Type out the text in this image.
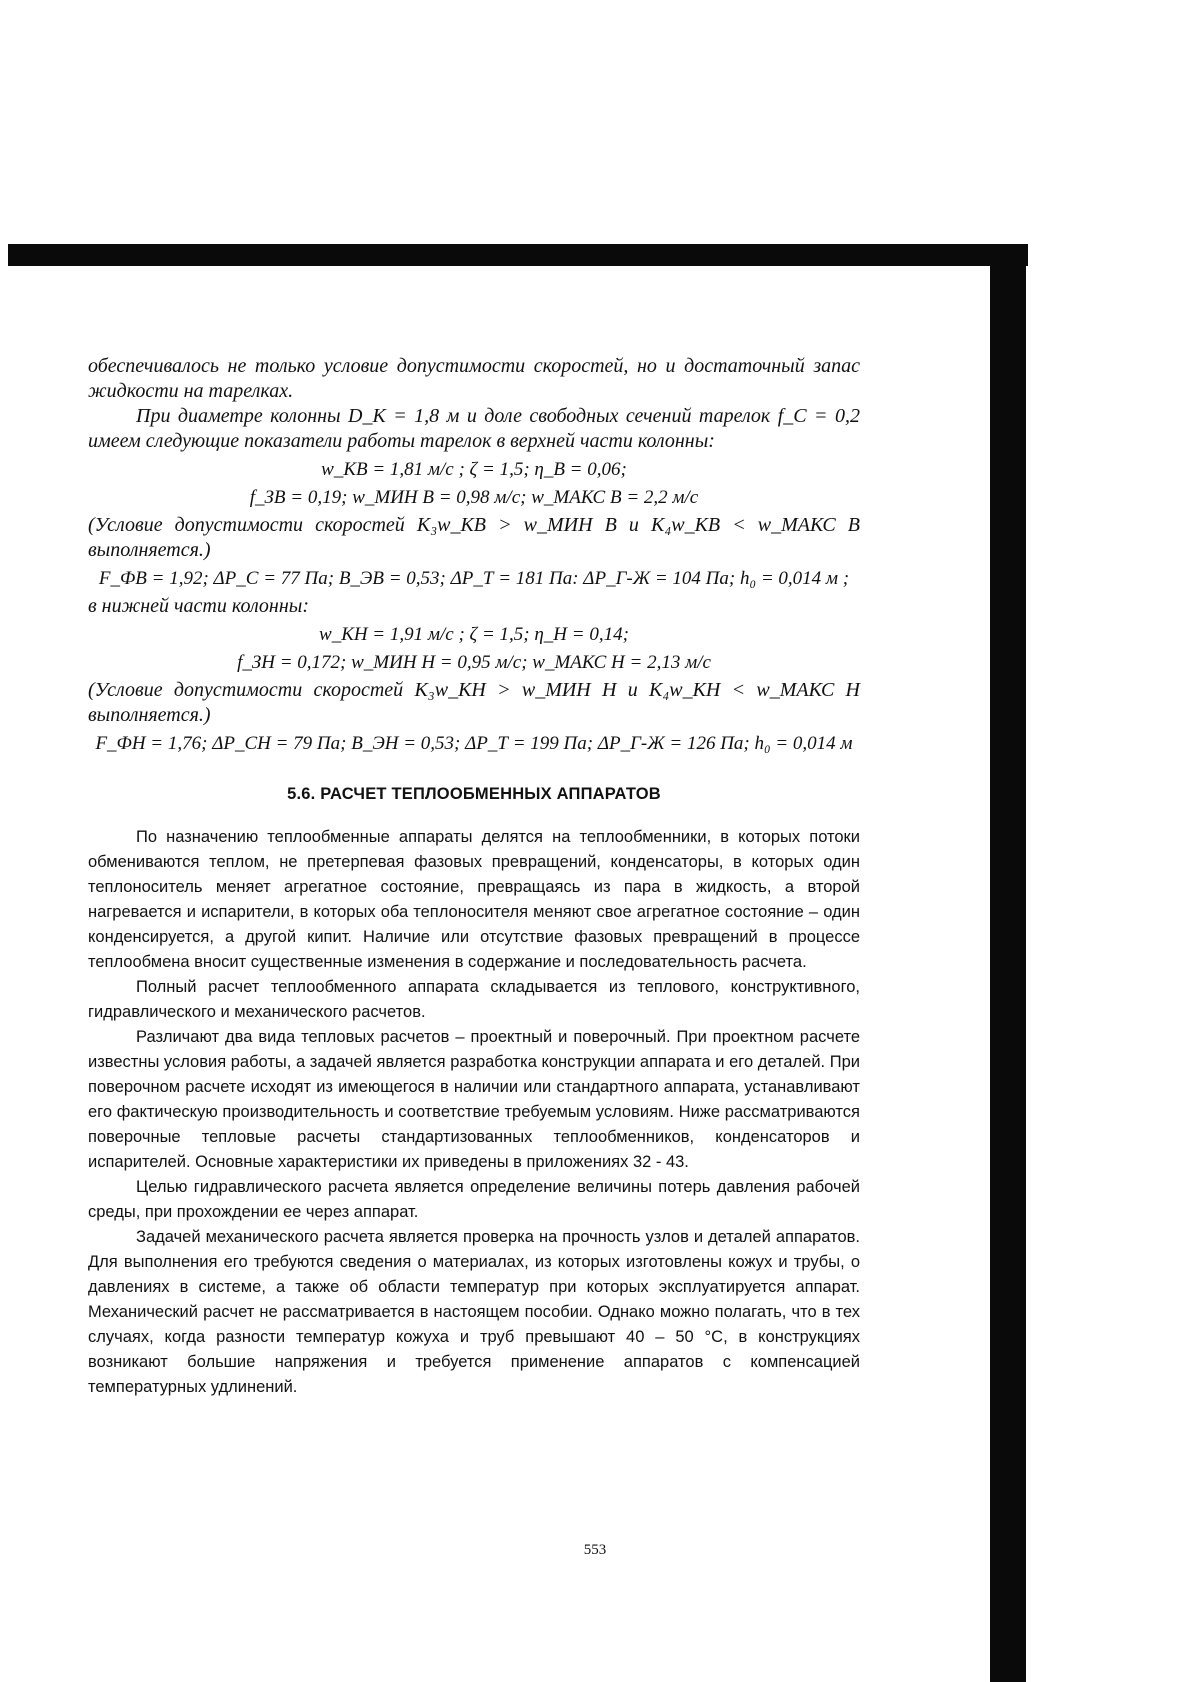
обеспечивалось не только условие допустимости скоростей, но и достаточный запас жидкости на тарелках.

При диаметре колонны D_K = 1,8 м и доле свободных сечений тарелок f_C = 0,2 имеем следующие показатели работы тарелок в верхней части колонны:

w_КВ = 1,81 м/с ; ζ = 1,5; η_В = 0,06;
f_ЗВ = 0,19; w_МИН В = 0,98 м/с; w_МАКС В = 2,2 м/с

(Условие допустимости скоростей K₃w_КВ > w_МИН В и K₄w_КВ < w_МАКС В выполняется.)

F_ФВ = 1,92; ΔP_С = 77 Па; B_ЭВ = 0,53; ΔP_Т = 181 Па: ΔP_Г-Ж = 104 Па; h₀ = 0,014 м ;

в нижней части колонны:

w_КН = 1,91 м/с ; ζ = 1,5; η_Н = 0,14;
f_ЗН = 0,172; w_МИН Н = 0,95 м/с; w_МАКС Н = 2,13 м/с

(Условие допустимости скоростей K₃w_КН > w_МИН Н и K₄w_КН < w_МАКС Н выполняется.)

F_ФН = 1,76; ΔP_СН = 79 Па; B_ЭН = 0,53; ΔP_Т = 199 Па; ΔP_Г-Ж = 126 Па; h₀ = 0,014 м
5.6. РАСЧЕТ ТЕПЛООБМЕННЫХ АППАРАТОВ

По назначению теплообменные аппараты делятся на теплообменники, в которых потоки обмениваются теплом, не претерпевая фазовых превращений, конденсаторы, в которых один теплоноситель меняет агрегатное состояние, превращаясь из пара в жидкость, а второй нагревается и испарители, в которых оба теплоносителя меняют свое агрегатное состояние – один конденсируется, а другой кипит. Наличие или отсутствие фазовых превращений в процессе теплообмена вносит существенные изменения в содержание и последовательность расчета.

Полный расчет теплообменного аппарата складывается из теплового, конструктивного, гидравлического и механического расчетов.

Различают два вида тепловых расчетов – проектный и поверочный. При проектном расчете известны условия работы, а задачей является разработка конструкции аппарата и его деталей. При поверочном расчете исходят из имеющегося в наличии или стандартного аппарата, устанавливают его фактическую производительность и соответствие требуемым условиям. Ниже рассматриваются поверочные тепловые расчеты стандартизованных теплообменников, конденсаторов и испарителей. Основные характеристики их приведены в приложениях 32 - 43.

Целью гидравлического расчета является определение величины потерь давления рабочей среды, при прохождении ее через аппарат.

Задачей механического расчета является проверка на прочность узлов и деталей аппаратов. Для выполнения его требуются сведения о материалах, из которых изготовлены кожух и трубы, о давлениях в системе, а также об области температур при которых эксплуатируется аппарат. Механический расчет не рассматривается в настоящем пособии. Однако можно полагать, что в тех случаях, когда разности температур кожуха и труб превышают 40 – 50 °С, в конструкциях возникают большие напряжения и требуется применение аппаратов с компенсацией температурных удлинений.

553
